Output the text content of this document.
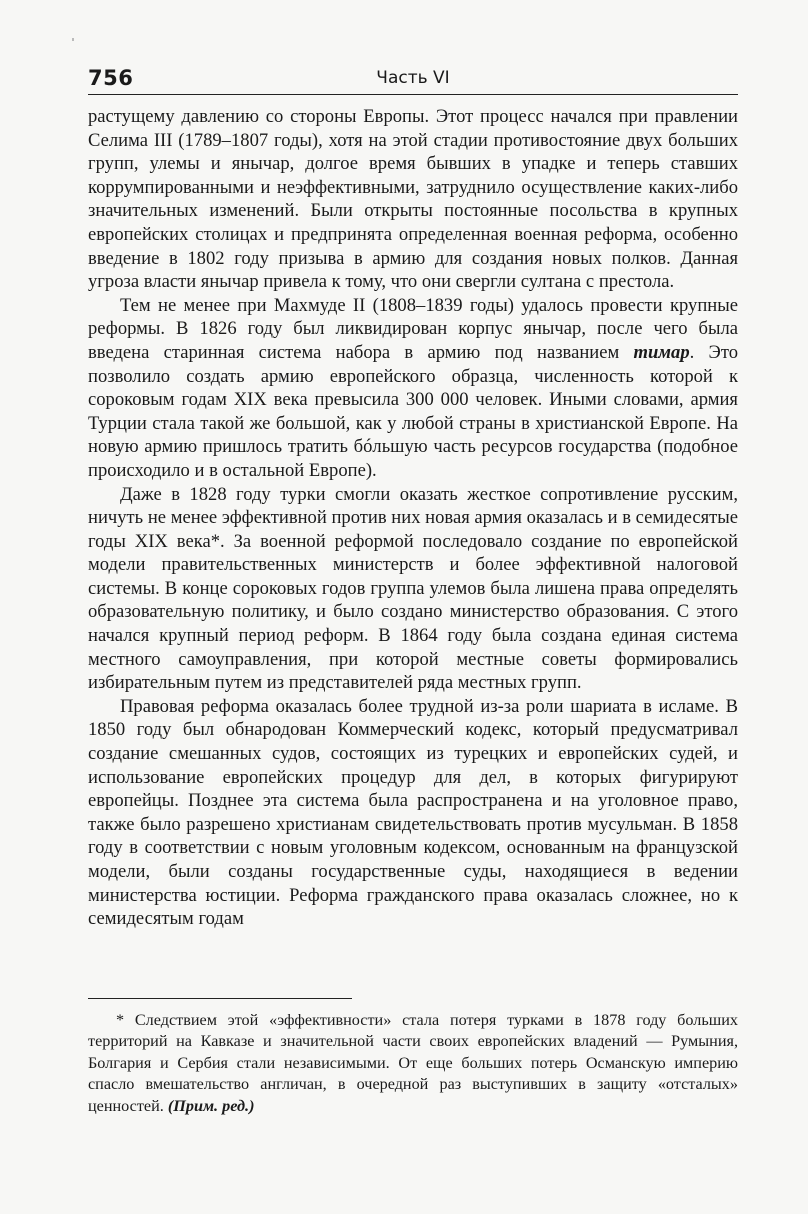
756	Часть VI

растущему давлению со стороны Европы. Этот процесс начался при правлении Селима III (1789–1807 годы), хотя на этой стадии противостояние двух больших групп, улемы и янычар, долгое время бывших в упадке и теперь ставших коррумпированными и неэффективными, затруднило осуществление каких-либо значительных изменений. Были открыты постоянные посольства в крупных европейских столицах и предпринята определенная военная реформа, особенно введение в 1802 году призыва в армию для создания новых полков. Данная угроза власти янычар привела к тому, что они свергли султана с престола.

Тем не менее при Махмуде II (1808–1839 годы) удалось провести крупные реформы. В 1826 году был ликвидирован корпус янычар, после чего была введена старинная система набора в армию под названием тимар. Это позволило создать армию европейского образца, численность которой к сороковым годам XIX века превысила 300 000 человек. Иными словами, армия Турции стала такой же большой, как у любой страны в христианской Европе. На новую армию пришлось тратить бóльшую часть ресурсов государства (подобное происходило и в остальной Европе).

Даже в 1828 году турки смогли оказать жесткое сопротивление русским, ничуть не менее эффективной против них новая армия оказалась и в семидесятые годы XIX века*. За военной реформой последовало создание по европейской модели правительственных министерств и более эффективной налоговой системы. В конце сороковых годов группа улемов была лишена права определять образовательную политику, и было создано министерство образования. С этого начался крупный период реформ. В 1864 году была создана единая система местного самоуправления, при которой местные советы формировались избирательным путем из представителей ряда местных групп.

Правовая реформа оказалась более трудной из-за роли шариата в исламе. В 1850 году был обнародован Коммерческий кодекс, который предусматривал создание смешанных судов, состоящих из турецких и европейских судей, и использование европейских процедур для дел, в которых фигурируют европейцы. Позднее эта система была распространена и на уголовное право, также было разрешено христианам свидетельствовать против мусульман. В 1858 году в соответствии с новым уголовным кодексом, основанным на французской модели, были созданы государственные суды, находящиеся в ведении министерства юстиции. Реформа гражданского права оказалась сложнее, но к семидесятым годам

* Следствием этой «эффективности» стала потеря турками в 1878 году больших территорий на Кавказе и значительной части своих европейских владений — Румыния, Болгария и Сербия стали независимыми. От еще больших потерь Османскую империю спасло вмешательство англичан, в очередной раз выступивших в защиту «отсталых» ценностей. (Прим. ред.)
